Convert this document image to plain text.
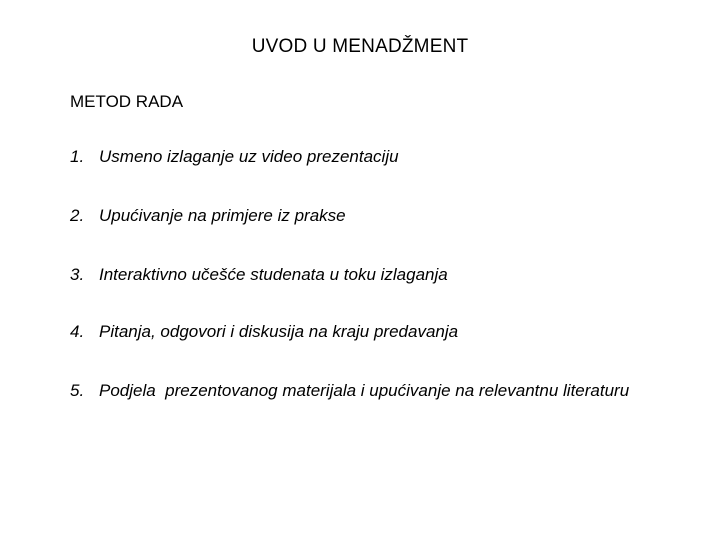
UVOD U MENADŽMENT
METOD RADA
1. Usmeno izlaganje uz video prezentaciju
2. Upućivanje na primjere iz prakse
3. Interaktivno učešće studenata u toku izlaganja
4. Pitanja, odgovori i diskusija na kraju predavanja
5. Podjela  prezentovanog materijala i upućivanje na relevantnu literaturu
